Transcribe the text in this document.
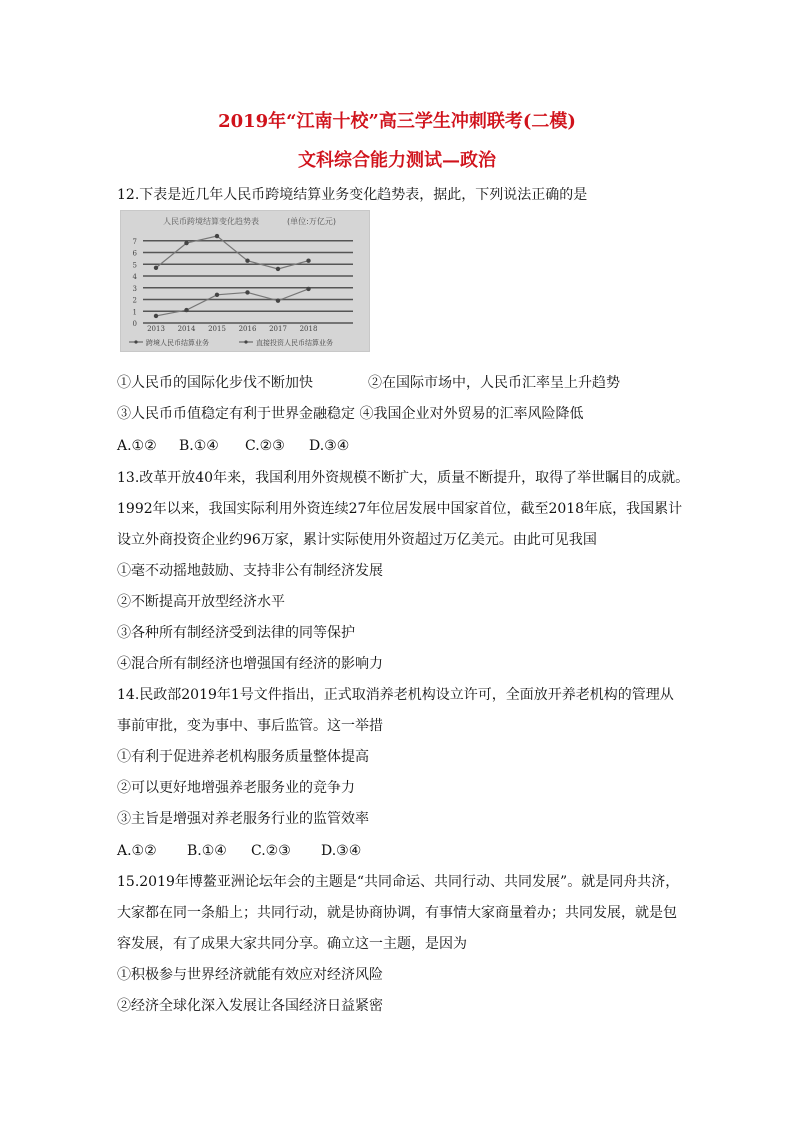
2019年“江南十校”高三学生冲刺联考(二模)
文科综合能力测试—政治
12.下表是近几年人民币跨境结算业务变化趋势表，据此，下列说法正确的是
人民币跨境结算变化趋势表	(单位:万亿元)
0
1
2
3
4
5
6
7
2013 2014 2015 2016 2017 2018
跨境人民币结算业务	直接投资人民币结算业务
①人民币的国际化步伐不断加快	②在国际市场中，人民币汇率呈上升趋势
③人民币币值稳定有利于世界金融稳定 ④我国企业对外贸易的汇率风险降低
A.①② B.①④ C.②③ D.③④
13.改革开放40年来，我国利用外资规模不断扩大，质量不断提升，取得了举世瞩目的成就。
1992年以来，我国实际利用外资连续27年位居发展中国家首位，截至2018年底，我国累计
设立外商投资企业约96万家，累计实际使用外资超过万亿美元。由此可见我国
①毫不动摇地鼓励、支持非公有制经济发展
②不断提高开放型经济水平
③各种所有制经济受到法律的同等保护
④混合所有制经济也增强国有经济的影响力
14.民政部2019年1号文件指出，正式取消养老机构设立许可，全面放开养老机构的管理从
事前审批，变为事中、事后监管。这一举措
①有利于促进养老机构服务质量整体提高
②可以更好地增强养老服务业的竞争力
③主旨是增强对养老服务行业的监管效率
A.①② B.①④ C.②③ D.③④
15.2019年博鳌亚洲论坛年会的主题是“共同命运、共同行动、共同发展”。就是同舟共济，
大家都在同一条船上；共同行动，就是协商协调，有事情大家商量着办；共同发展，就是包
容发展，有了成果大家共同分享。确立这一主题，是因为
①积极参与世界经济就能有效应对经济风险
②经济全球化深入发展让各国经济日益紧密
